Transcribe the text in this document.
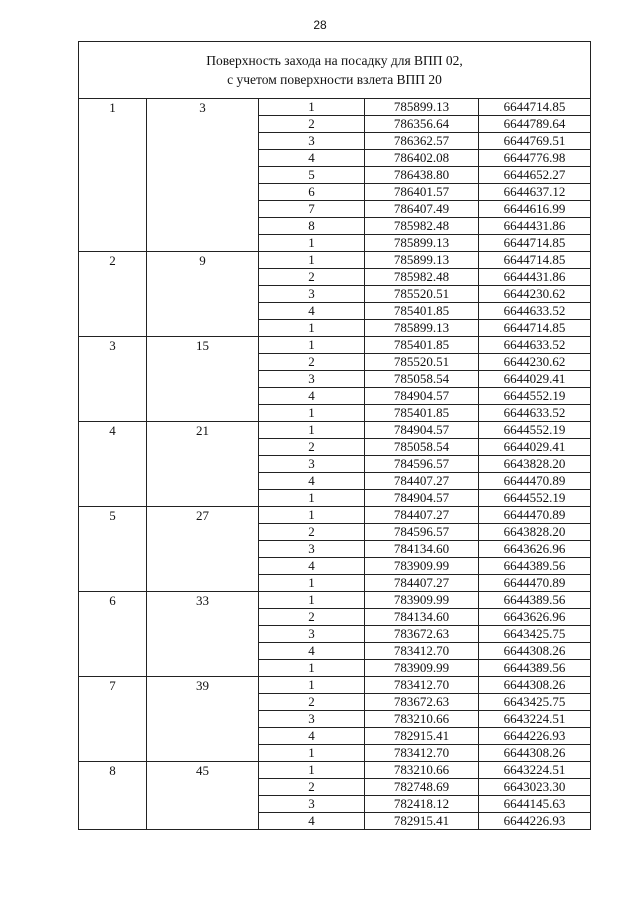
28
Поверхность захода на посадку для ВПП 02,
с учетом поверхности взлета ВПП 20				

1	3	1	785899.13	6644714.85
		2	786356.64	6644789.64
		3	786362.57	6644769.51
		4	786402.08	6644776.98
		5	786438.80	6644652.27
		6	786401.57	6644637.12
		7	786407.49	6644616.99
		8	785982.48	6644431.86
		1	785899.13	6644714.85
2	9	1	785899.13	6644714.85
		2	785982.48	6644431.86
		3	785520.51	6644230.62
		4	785401.85	6644633.52
		1	785899.13	6644714.85
3	15	1	785401.85	6644633.52
		2	785520.51	6644230.62
		3	785058.54	6644029.41
		4	784904.57	6644552.19
		1	785401.85	6644633.52
4	21	1	784904.57	6644552.19
		2	785058.54	6644029.41
		3	784596.57	6643828.20
		4	784407.27	6644470.89
		1	784904.57	6644552.19
5	27	1	784407.27	6644470.89
		2	784596.57	6643828.20
		3	784134.60	6643626.96
		4	783909.99	6644389.56
		1	784407.27	6644470.89
6	33	1	783909.99	6644389.56
		2	784134.60	6643626.96
		3	783672.63	6643425.75
		4	783412.70	6644308.26
		1	783909.99	6644389.56
7	39	1	783412.70	6644308.26
		2	783672.63	6643425.75
		3	783210.66	6643224.51
		4	782915.41	6644226.93
		1	783412.70	6644308.26
8	45	1	783210.66	6643224.51
		2	782748.69	6643023.30
		3	782418.12	6644145.63
		4	782915.41	6644226.93
